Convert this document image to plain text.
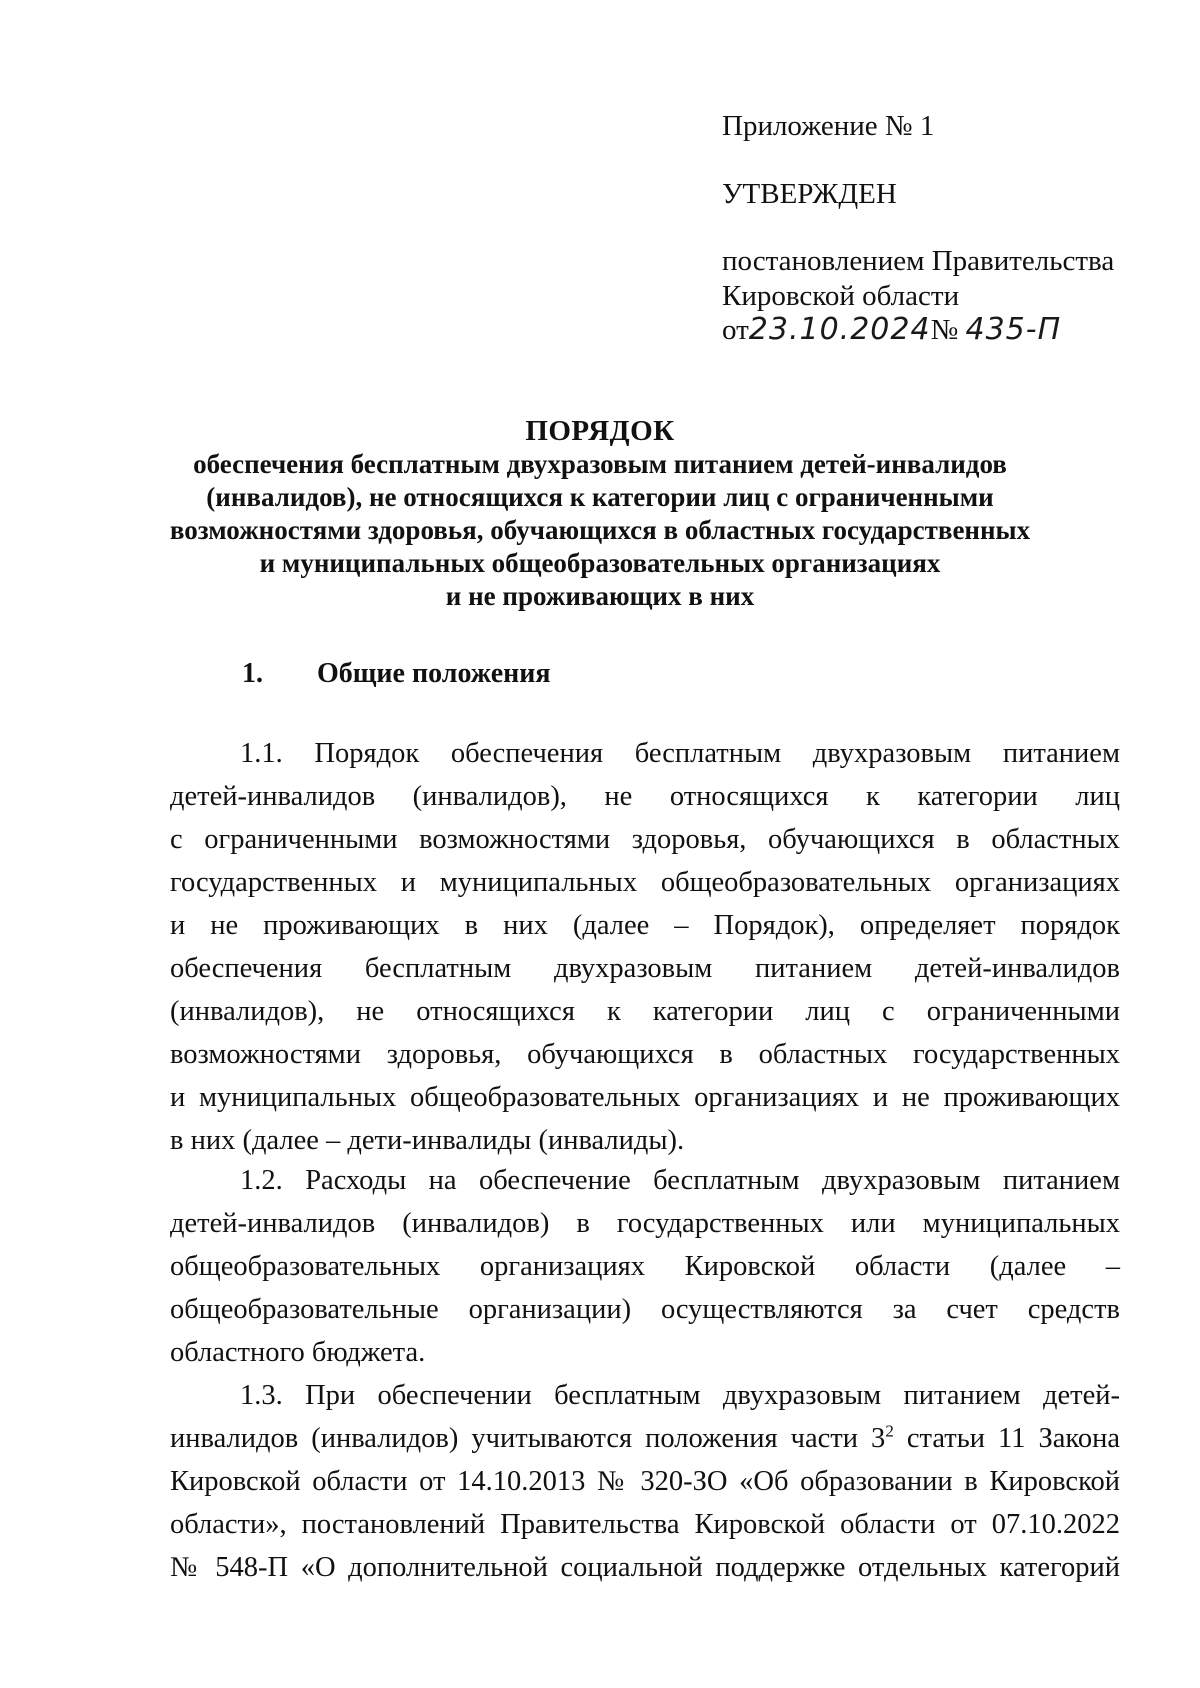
Приложение № 1
УТВЕРЖДЕН
постановлением Правительства
Кировской области
от23.10.2024№ 435-П
ПОРЯДОК
обеспечения бесплатным двухразовым питанием детей-инвалидов
(инвалидов), не относящихся к категории лиц с ограниченными
возможностями здоровья, обучающихся в областных государственных
и муниципальных общеобразовательных организациях
и не проживающих в них
1. Общие положения
1.1. Порядок обеспечения бесплатным двухразовым питанием
детей-инвалидов (инвалидов), не относящихся к категории лиц
с ограниченными возможностями здоровья, обучающихся в областных
государственных и муниципальных общеобразовательных организациях
и не проживающих в них (далее – Порядок), определяет порядок
обеспечения бесплатным двухразовым питанием детей-инвалидов
(инвалидов), не относящихся к категории лиц с ограниченными
возможностями здоровья, обучающихся в областных государственных
и муниципальных общеобразовательных организациях и не проживающих
в них (далее – дети-инвалиды (инвалиды).
1.2. Расходы на обеспечение бесплатным двухразовым питанием
детей-инвалидов (инвалидов) в государственных или муниципальных
общеобразовательных организациях Кировской области (далее –
общеобразовательные организации) осуществляются за счет средств
областного бюджета.
1.3. При обеспечении бесплатным двухразовым питанием детей-
инвалидов (инвалидов) учитываются положения части $3^2$ статьи 11 Закона
Кировской области от 14.10.2013 № 320-ЗО «Об образовании в Кировской
области», постановлений Правительства Кировской области от 07.10.2022
№ 548-П «О дополнительной социальной поддержке отдельных категорий
